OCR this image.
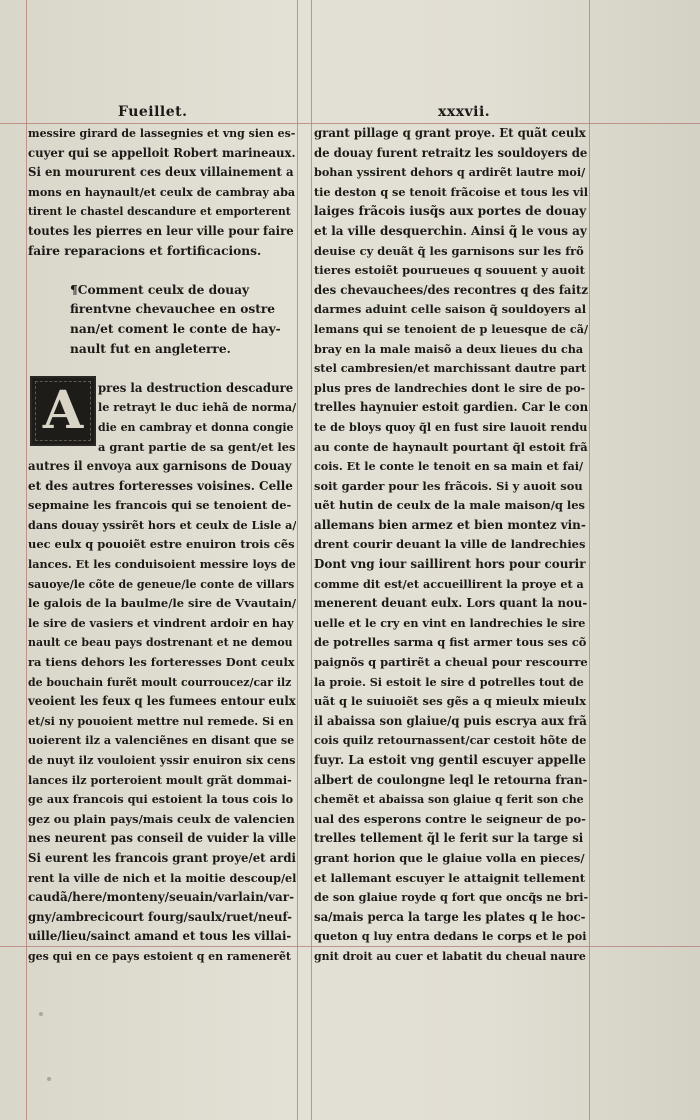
Fueillet.	xxxvii.
messire girard de lassegnies et vng sien es-
cuyer qui se appelloit Robert marineaux.
Si en moururent ces deux villainement a
mons en haynault/et ceulx de cambray aba
tirent le chastel descandure et emporterent
toutes les pierres en leur ville pour faire
faire reparacions et fortificacions.
¶Comment ceulx de douay
firentvne chevauchee en ostre
nan/et coment le conte de hay-
nault fut en angleterre.
pres la destruction descadure
le retrayt le duc iehã de norma/
die en cambray et donna congie
a grant partie de sa gent/et les
autres il envoya aux garnisons de Douay
et des autres forteresses voisines. Celle
sepmaine les francois qui se tenoient de-
dans douay yssirẽt hors et ceulx de Lisle a/
uec eulx q pouoiẽt estre enuiron trois cẽs
lances. Et les conduisoient messire loys de
sauoye/le cõte de geneue/le conte de villars
le galois de la baulme/le sire de Vvautain/
le sire de vasiers et vindrent ardoir en hay
nault ce beau pays dostrenant et ne demou
ra tiens dehors les forteresses Dont ceulx
de bouchain furẽt moult courroucez/car ilz
veoient les feux q les fumees entour eulx
et/si ny pouoient mettre nul remede. Si en
uoierent ilz a valenciẽnes en disant que se
de nuyt ilz vouloient yssir enuiron six cens
lances ilz porteroient moult grãt dommai-
ge aux francois qui estoient la tous cois lo
gez ou plain pays/mais ceulx de valencien
nes neurent pas conseil de vuider la ville
Si eurent les francois grant proye/et ardi
rent la ville de nich et la moitie descoup/el
caudã/here/monteny/seuain/varlain/var-
gny/ambrecicourt fourg/saulx/ruet/neuf-
uille/lieu/sainct amand et tous les villai-
ges qui en ce pays estoient q en ramenerẽt
A
grant pillage q grant proye. Et quãt ceulx
de douay furent retraitz les souldoyers de
bohan yssirent dehors q ardirẽt lautre moi/
tie deston q se tenoit frãcoise et tous les vil
laiges frãcois iusq̃s aux portes de douay
et la ville desquerchin. Ainsi q̃ le vous ay
deuise cy deuãt q̃ les garnisons sur les frõ
tieres estoiẽt pourueues q souuent y auoit
des chevauchees/des recontres q des faitz
darmes aduint celle saison q̃ souldoyers al
lemans qui se tenoient de p leuesque de cã/
bray en la male maisõ a deux lieues du cha
stel cambresien/et marchissant dautre part
plus pres de landrechies dont le sire de po-
trelles haynuier estoit gardien. Car le con
te de bloys quoy q̃l en fust sire lauoit rendu
au conte de haynault pourtant q̃l estoit frã
cois. Et le conte le tenoit en sa main et fai/
soit garder pour les frãcois. Si y auoit sou
uẽt hutin de ceulx de la male maison/q les
allemans bien armez et bien montez vin-
drent courir deuant la ville de landrechies
Dont vng iour saillirent hors pour courir
comme dit est/et accueillirent la proye et a
menerent deuant eulx. Lors quant la nou-
uelle et le cry en vint en landrechies le sire
de potrelles sarma q fist armer tous ses cõ
paignõs q partirẽt a cheual pour rescourre
la proie. Si estoit le sire d potrelles tout de
uãt q le suiuoiẽt ses gẽs a q mieulx mieulx
il abaissa son glaiue/q puis escrya aux frã
cois quilz retournassent/car cestoit hõte de
fuyr. La estoit vng gentil escuyer appelle
albert de coulongne leql le retourna fran-
chemẽt et abaissa son glaiue q ferit son che
ual des esperons contre le seigneur de po-
trelles tellement q̃l le ferit sur la targe si
grant horion que le glaiue volla en pieces/
et lallemant escuyer le attaignit tellement
de son glaiue royde q fort que oncq̃s ne bri-
sa/mais perca la targe les plates q le hoc-
queton q luy entra dedans le corps et le poi
gnit droit au cuer et labatit du cheual naure
